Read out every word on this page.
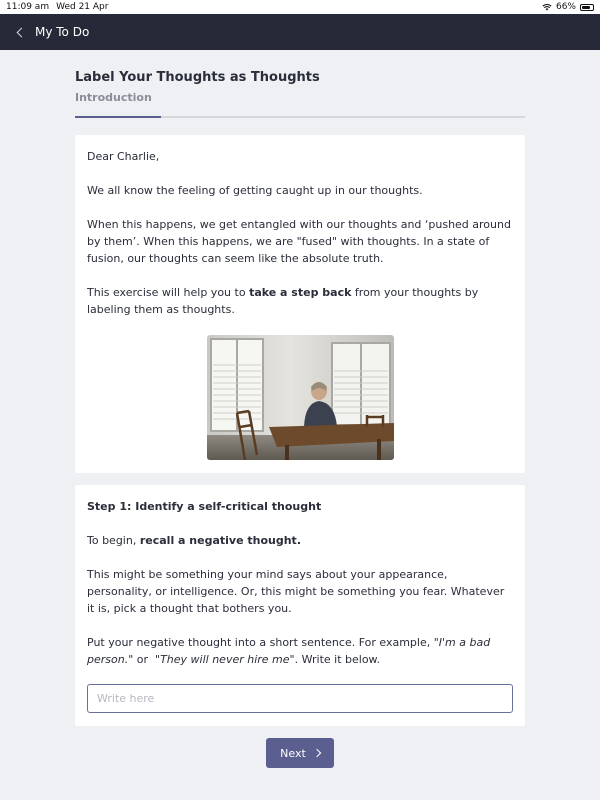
11:09 am Wed 21 Apr	66%
My To Do
Label Your Thoughts as Thoughts
Introduction

Dear Charlie,

We all know the feeling of getting caught up in our thoughts.

When this happens, we get entangled with our thoughts and ‘pushed around by them’. When this happens, we are "fused" with thoughts. In a state of fusion, our thoughts can seem like the absolute truth.

This exercise will help you to take a step back from your thoughts by labeling them as thoughts.

Step 1: Identify a self-critical thought

To begin, recall a negative thought.

This might be something your mind says about your appearance, personality, or intelligence. Or, this might be something you fear. Whatever it is, pick a thought that bothers you.

Put your negative thought into a short sentence. For example, "I'm a bad person." or  "They will never hire me". Write it below.

Write here
Next
